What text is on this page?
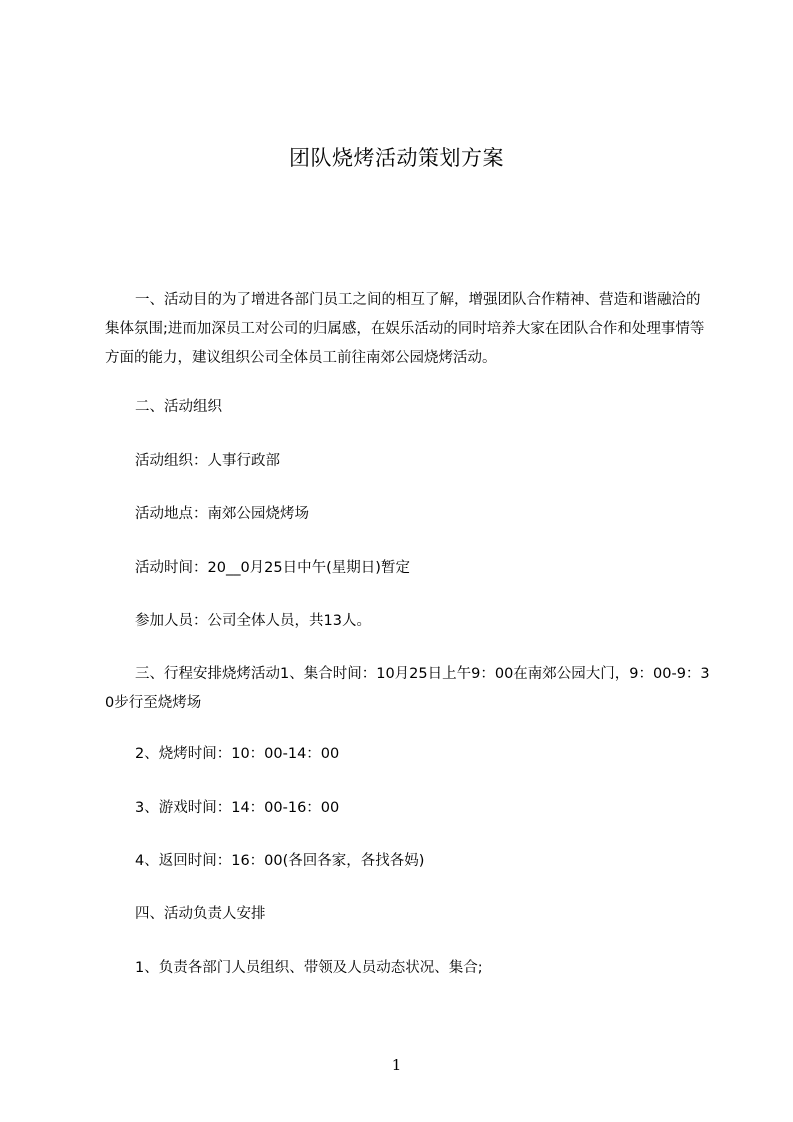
团队烧烤活动策划方案
一、活动目的为了增进各部门员工之间的相互了解，增强团队合作精神、营造和谐融洽的集体氛围;进而加深员工对公司的归属感，在娱乐活动的同时培养大家在团队合作和处理事情等方面的能力，建议组织公司全体员工前往南郊公园烧烤活动。
二、活动组织
活动组织：人事行政部
活动地点：南郊公园烧烤场
活动时间：20__0月25日中午(星期日)暂定
参加人员：公司全体人员，共13人。
三、行程安排烧烤活动1、集合时间：10月25日上午9：00在南郊公园大门，9：00-9：30步行至烧烤场
2、烧烤时间：10：00-14：00
3、游戏时间：14：00-16：00
4、返回时间：16：00(各回各家，各找各妈)
四、活动负责人安排
1、负责各部门人员组织、带领及人员动态状况、集合;
1
